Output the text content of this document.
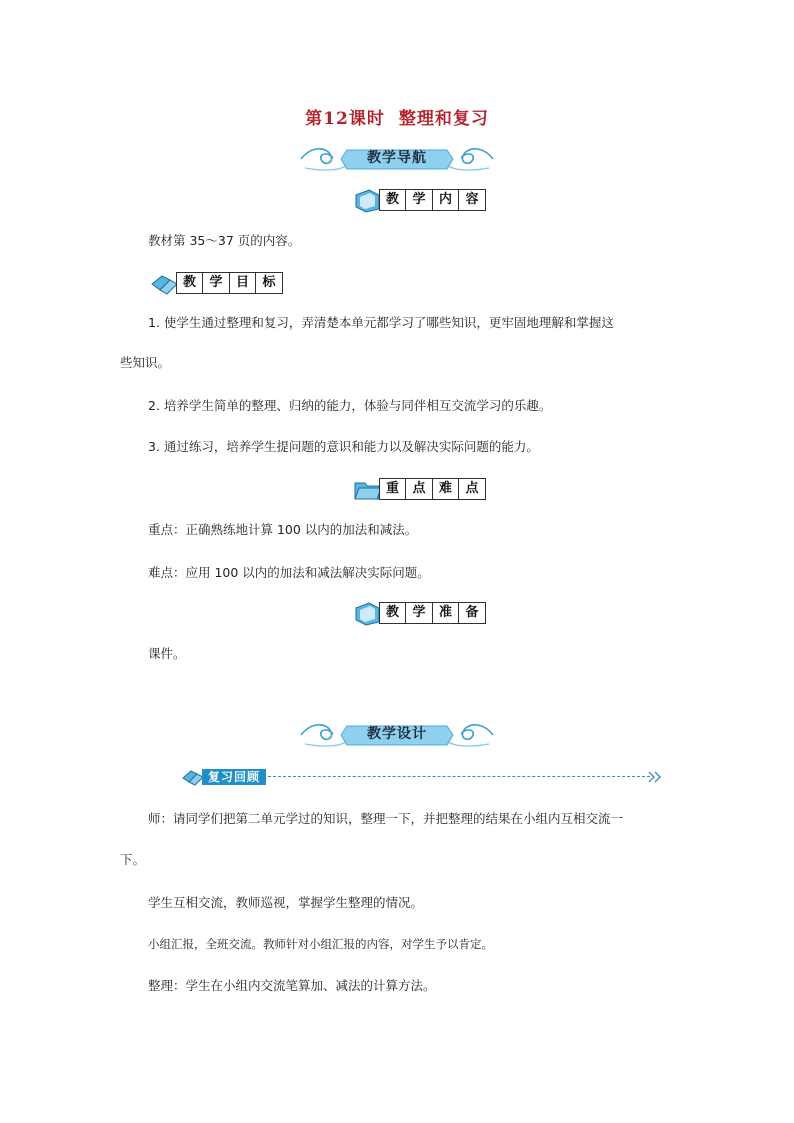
第12课时 整理和复习
教学导航
教	学	内	容
教材第 35～37 页的内容。
教	学	目	标
1. 使学生通过整理和复习，弄清楚本单元都学习了哪些知识，更牢固地理解和掌握这
些知识。
2. 培养学生简单的整理、归纳的能力，体验与同伴相互交流学习的乐趣。
3. 通过练习，培养学生提问题的意识和能力以及解决实际问题的能力。
重	点	难	点
重点：正确熟练地计算 100 以内的加法和减法。
难点：应用 100 以内的加法和减法解决实际问题。
教	学	准	备
课件。
教学设计
复习回顾
师：请同学们把第二单元学过的知识，整理一下，并把整理的结果在小组内互相交流一
下。
学生互相交流，教师巡视，掌握学生整理的情况。
小组汇报，全班交流。教师针对小组汇报的内容，对学生予以肯定。
整理：学生在小组内交流笔算加、减法的计算方法。
